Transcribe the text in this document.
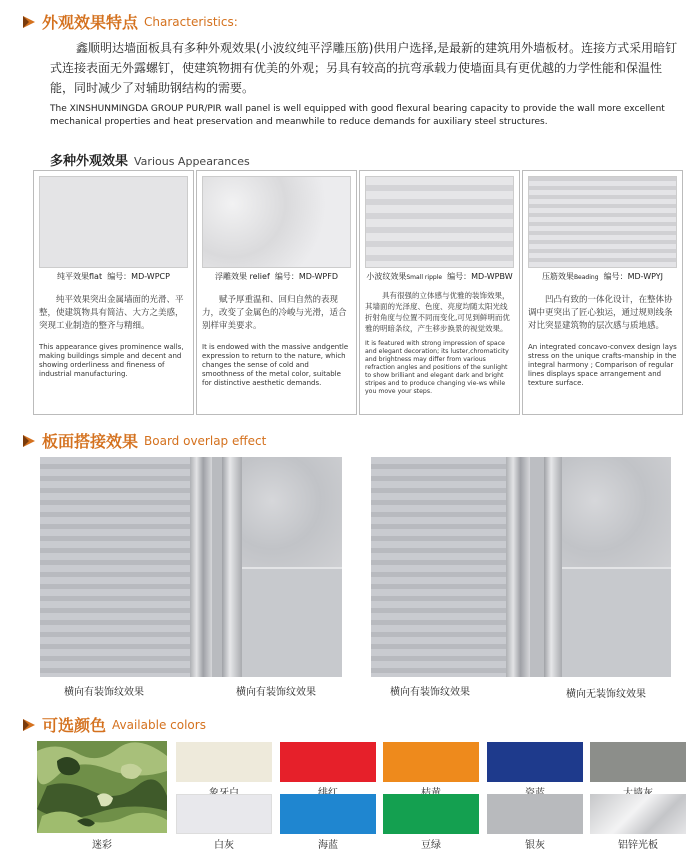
外观效果特点 Characteristics:

鑫顺明达墙面板具有多种外观效果(小波纹纯平浮雕压筋)供用户选择,是最新的建筑用外墙板材。连接方式采用暗钉式连接表面无外露螺钉，使建筑物拥有优美的外观；另具有较高的抗弯承载力使墙面具有更优越的力学性能和保温性能，同时减少了对辅助钢结构的需要。

The XINSHUNMINGDA GROUP PUR/PIR wall panel is well equipped with good flexural bearing capacity to provide the wall more excellent mechanical properties and heat preservation and meanwhile to reduce demands for auxiliary steel structures.

多种外观效果 Various Appearances
纯平效果flat 编号：MD-WPCP

纯平效果突出金属墙面的光滑、平整，使建筑物具有简洁、大方之美感，突现工业制造的整齐与精细。

This appearance gives prominence walls, making buildings simple and decent and showing orderliness and fineness of industrial manufacturing.

浮雕效果 relief 编号：MD-WPFD

赋予厚重温和、回归自然的表现力，改变了金属色的冷峻与光滑，适合别样审美要求。

It is endowed with the massive andgentle expression to return to the nature, which changes the sense of cold and smoothness of the metal color, suitable for distinctive aesthetic demands.

小波纹效果Small ripple 编号：MD-WPBW

具有很强的立体感与优雅的装饰效果，其墙面的光泽度、色度、亮度均随太阳光线折射角度与位置不同而变化,可见到鲜明而优雅的明暗条纹，产生移步换景的视觉效果。

It is featured with strong impression of space and elegant decoration; its luster,chromaticity and brightness may differ from various refraction angles and positions of the sunlight to show brilliant and elegant dark and bright stripes and to produce changing vie-ws while you move your steps.

压筋效果Beading 编号：MD-WPYJ

凹凸有致的一体化设计，在整体协调中更突出了匠心独运，通过规则线条对比突显建筑物的层次感与质地感。

An integrated concavo-convex design lays stress on the unique crafts-manship in the integral harmony ; Comparison of regular lines displays space arrangement and texture surface.

板面搭接效果 Board overlap effect
横向有装饰纹效果	横向有装饰纹效果	横向有装饰纹效果	横向无装饰纹效果
可选颜色 Available colors
迷彩	白灰	海蓝	豆绿	银灰	铝锌光板
